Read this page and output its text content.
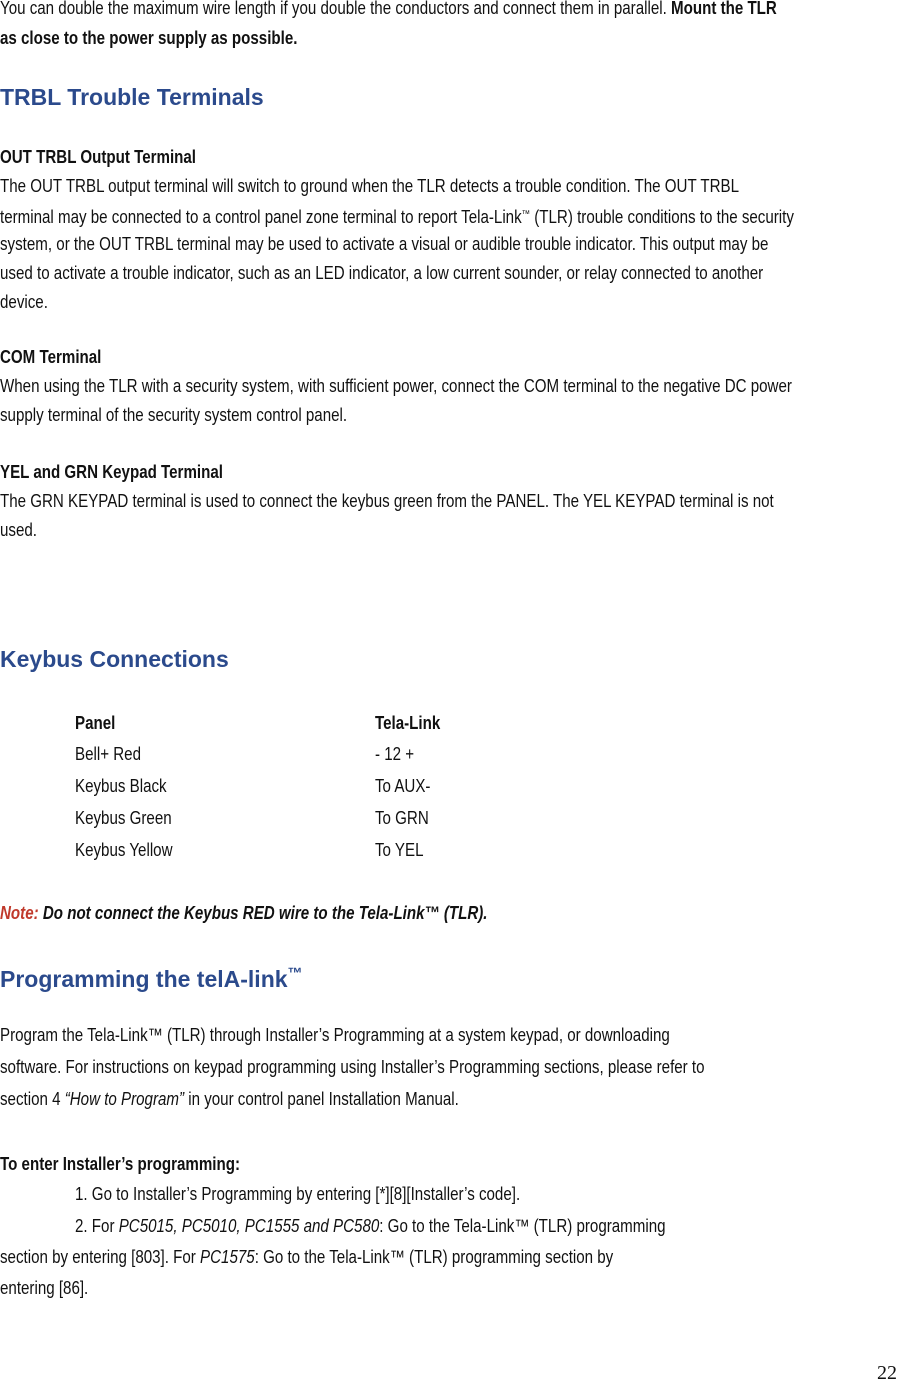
You can double the maximum wire length if you double the conductors and connect them in parallel. Mount the TLR
as close to the power supply as possible.
TRBL Trouble Terminals
OUT TRBL Output Terminal
The OUT TRBL output terminal will switch to ground when the TLR detects a trouble condition. The OUT TRBL
terminal may be connected to a control panel zone terminal to report Tela-Link™ (TLR) trouble conditions to the security
system, or the OUT TRBL terminal may be used to activate a visual or audible trouble indicator. This output may be
used to activate a trouble indicator, such as an LED indicator, a low current sounder, or relay connected to another
device.
COM Terminal
When using the TLR with a security system, with sufficient power, connect the COM terminal to the negative DC power
supply terminal of the security system control panel.
YEL and GRN Keypad Terminal
The GRN KEYPAD terminal is used to connect the keybus green from the PANEL. The YEL KEYPAD terminal is not
used.
Keybus Connections
Panel	Tela-Link
Bell+ Red	- 12 +
Keybus Black	To AUX-
Keybus Green	To GRN
Keybus Yellow	To YEL
Note: Do not connect the Keybus RED wire to the Tela-Link™ (TLR).
Programming the telA-link™
Program the Tela-Link™ (TLR) through Installer’s Programming at a system keypad, or downloading
software. For instructions on keypad programming using Installer’s Programming sections, please refer to
section 4 “How to Program” in your control panel Installation Manual.
To enter Installer’s programming:
1. Go to Installer’s Programming by entering [*][8][Installer’s code].
2. For PC5015, PC5010, PC1555 and PC580: Go to the Tela-Link™ (TLR) programming
section by entering [803]. For PC1575: Go to the Tela-Link™ (TLR) programming section by
entering [86].
22
